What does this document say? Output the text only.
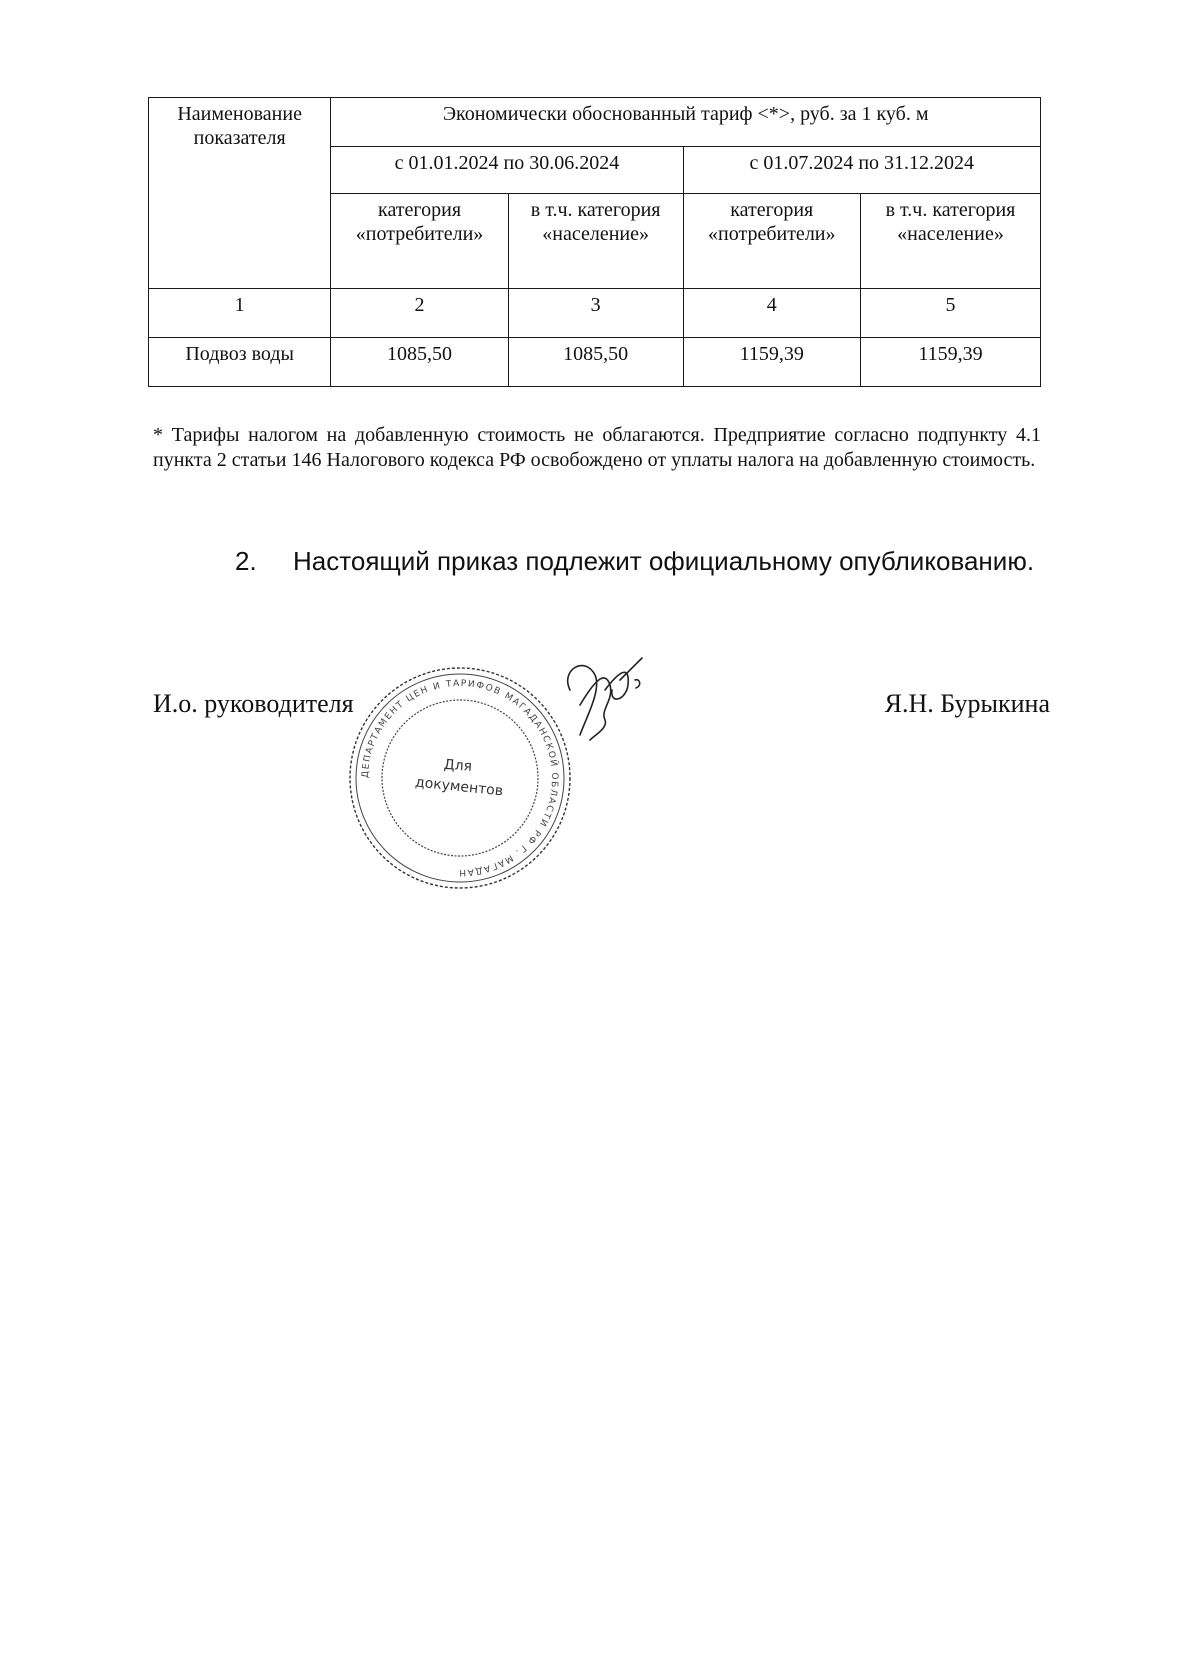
Наименование показателя	Экономически обоснованный тариф <*>, руб. за 1 куб. м			
	с 01.01.2024 по 30.06.2024		с 01.07.2024 по 31.12.2024	
	категория «потребители»	в т.ч. категория «население»	категория «потребители»	в т.ч. категория «население»
1	2	3	4	5
Подвоз воды	1085,50	1085,50	1159,39	1159,39
* Тарифы налогом на добавленную стоимость не облагаются. Предприятие согласно подпункту 4.1 пункта 2 статьи 146 Налогового кодекса РФ освобождено от уплаты налога на добавленную стоимость.
2. Настоящий приказ подлежит официальному опубликованию.
И.о. руководителя
ДЕПАРТАМЕНТ ЦЕН И ТАРИФОВ МАГАДАНСКОЙ ОБЛАСТИ РФ Г. МАГАДАН
Для
документов
Я.Н. Бурыкина
